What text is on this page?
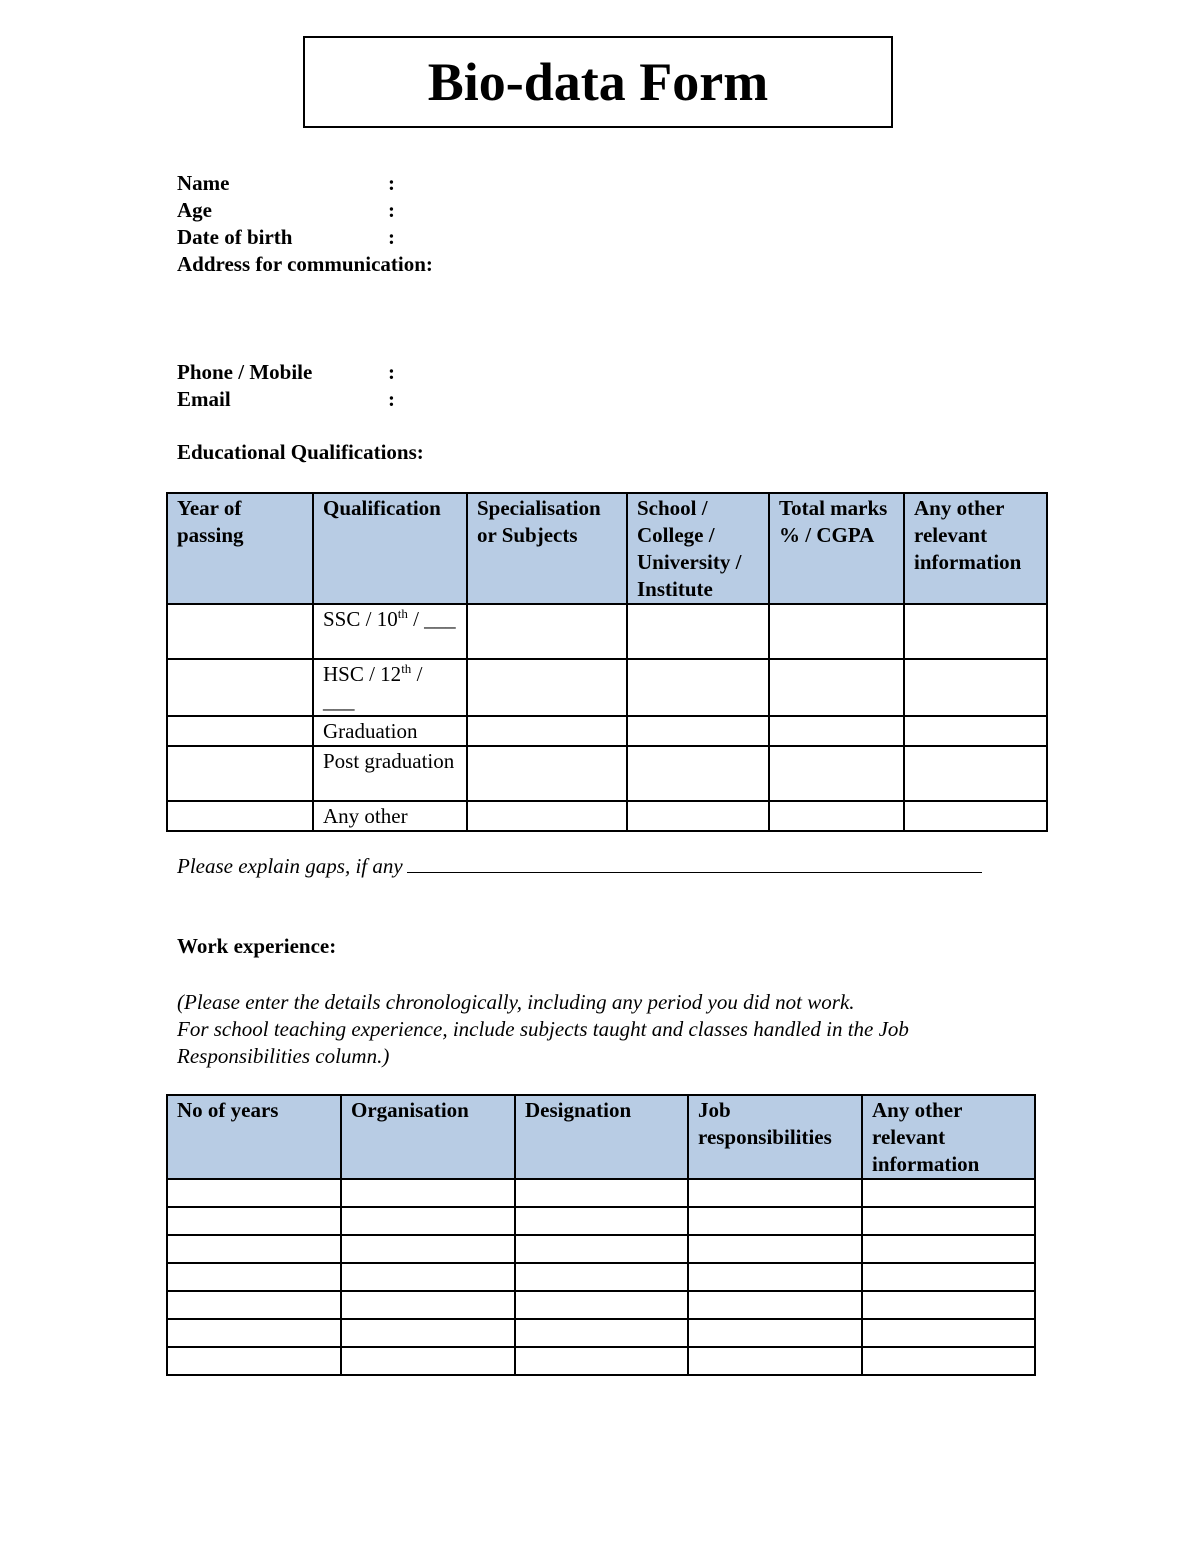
Bio-data Form
Name	:
Age	:
Date of birth	:
Address for communication:
Phone / Mobile	:
Email	:
Educational Qualifications:
Year of passing	Qualification	Specialisation or Subjects	School / College / University / Institute	Total marks % / CGPA	Any other relevant information
	SSC / 10th / ___				
	HSC / 12th / ___				
	Graduation				
	Post graduation				
	Any other				
Please explain gaps, if any
Work experience:
(Please enter the details chronologically, including any period you did not work.
For school teaching experience, include subjects taught and classes handled in the Job Responsibilities column.)
No of years	Organisation	Designation	Job responsibilities	Any other relevant information
